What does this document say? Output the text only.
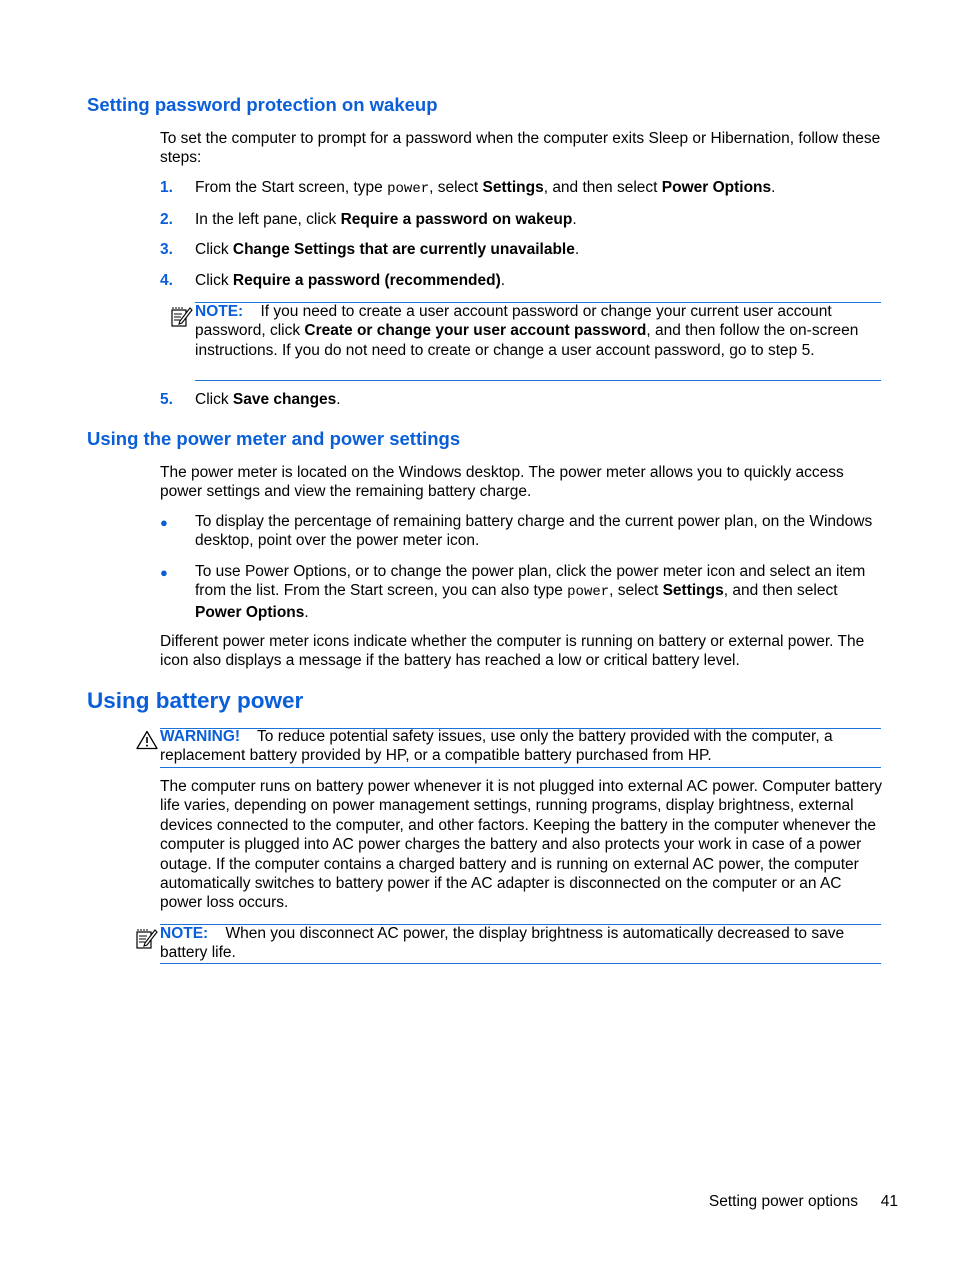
Setting password protection on wakeup
To set the computer to prompt for a password when the computer exits Sleep or Hibernation, follow these steps:
1.	From the Start screen, type power, select Settings, and then select Power Options.
2.	In the left pane, click Require a password on wakeup.
3.	Click Change Settings that are currently unavailable.
4.	Click Require a password (recommended).
NOTE: If you need to create a user account password or change your current user account password, click Create or change your user account password, and then follow the on-screen instructions. If you do not need to create or change a user account password, go to step 5.
5.	Click Save changes.
Using the power meter and power settings
The power meter is located on the Windows desktop. The power meter allows you to quickly access power settings and view the remaining battery charge.
● To display the percentage of remaining battery charge and the current power plan, on the Windows desktop, point over the power meter icon.
● To use Power Options, or to change the power plan, click the power meter icon and select an item from the list. From the Start screen, you can also type power, select Settings, and then select Power Options.
Different power meter icons indicate whether the computer is running on battery or external power. The icon also displays a message if the battery has reached a low or critical battery level.
Using battery power
WARNING! To reduce potential safety issues, use only the battery provided with the computer, a replacement battery provided by HP, or a compatible battery purchased from HP.
The computer runs on battery power whenever it is not plugged into external AC power. Computer battery life varies, depending on power management settings, running programs, display brightness, external devices connected to the computer, and other factors. Keeping the battery in the computer whenever the computer is plugged into AC power charges the battery and also protects your work in case of a power outage. If the computer contains a charged battery and is running on external AC power, the computer automatically switches to battery power if the AC adapter is disconnected on the computer or an AC power loss occurs.
NOTE: When you disconnect AC power, the display brightness is automatically decreased to save battery life.
Setting power options 41
